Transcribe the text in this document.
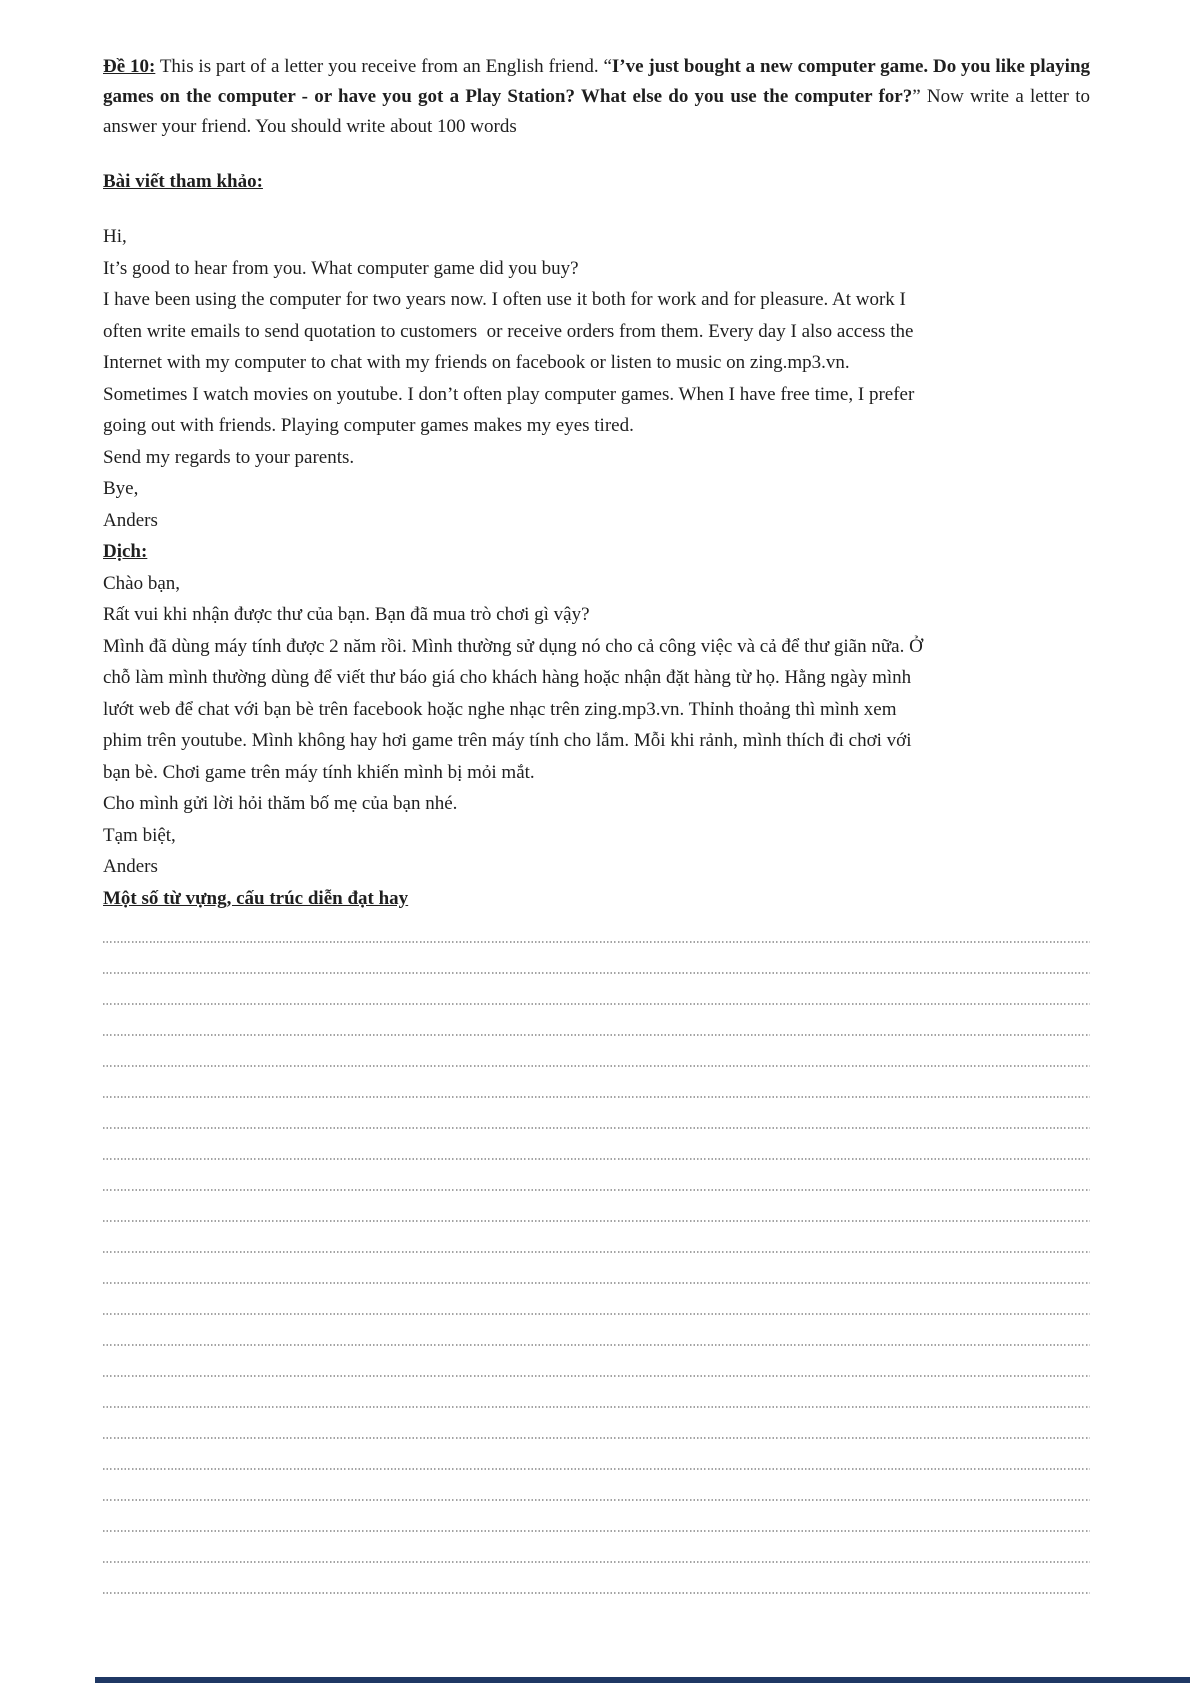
Đề 10: This is part of a letter you receive from an English friend. “I’ve just bought a new computer game. Do you like playing games on the computer - or have you got a Play Station? What else do you use the computer for?” Now write a letter to answer your friend. You should write about 100 words

Bài viết tham khảo:
Hi,
It’s good to hear from you. What computer game did you buy?
I have been using the computer for two years now. I often use it both for work and for pleasure. At work I
often write emails to send quotation to customers  or receive orders from them. Every day I also access the
Internet with my computer to chat with my friends on facebook or listen to music on zing.mp3.vn.
Sometimes I watch movies on youtube. I don’t often play computer games. When I have free time, I prefer
going out with friends. Playing computer games makes my eyes tired.
Send my regards to your parents.
Bye,
Anders
Dịch:
Chào bạn,
Rất vui khi nhận được thư của bạn. Bạn đã mua trò chơi gì vậy?
Mình đã dùng máy tính được 2 năm rồi. Mình thường sử dụng nó cho cả công việc và cả để thư giãn nữa. Ở
chỗ làm mình thường dùng để viết thư báo giá cho khách hàng hoặc nhận đặt hàng từ họ. Hằng ngày mình
lướt web để chat với bạn bè trên facebook hoặc nghe nhạc trên zing.mp3.vn. Thỉnh thoảng thì mình xem
phim trên youtube. Mình không hay hơi game trên máy tính cho lắm. Mỗi khi rảnh, mình thích đi chơi với
bạn bè. Chơi game trên máy tính khiến mình bị mỏi mắt.
Cho mình gửi lời hỏi thăm bố mẹ của bạn nhé.
Tạm biệt,
Anders
Một số từ vựng, cấu trúc diễn đạt hay
